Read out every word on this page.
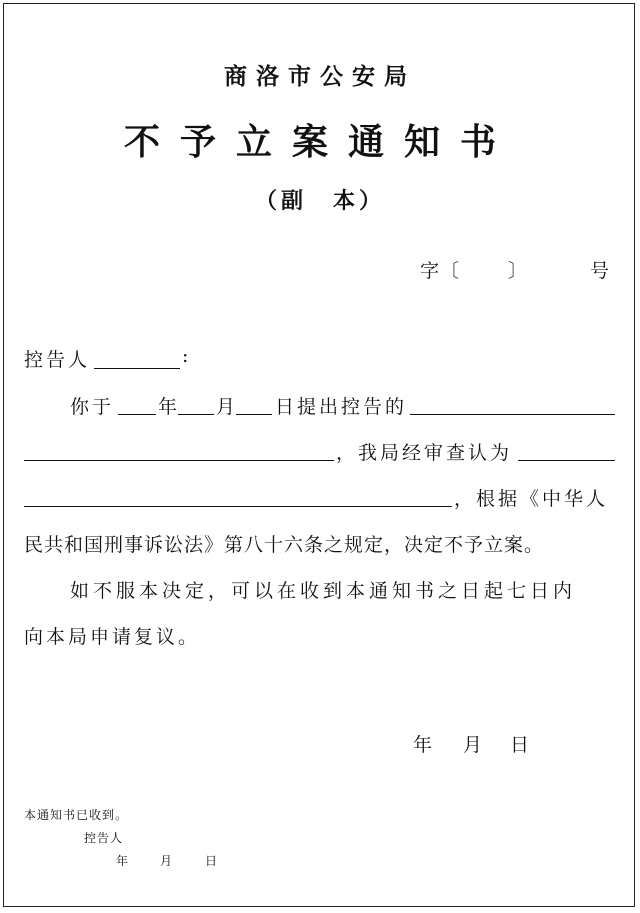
商洛市公安局
不予立案通知书
（副　本）
字 〔	〕	号
控告人	:
你于 年 月 日提出控告的
，我局经审查认为
，根据《中华人
民共和国刑事诉讼法》第八十六条之规定，决定不予立案。
如不服本决定，可以在收到本通知书之日起七日内
向本局申请复议。
年 月 日
本通知书已收到。
控告人
年	月	日
